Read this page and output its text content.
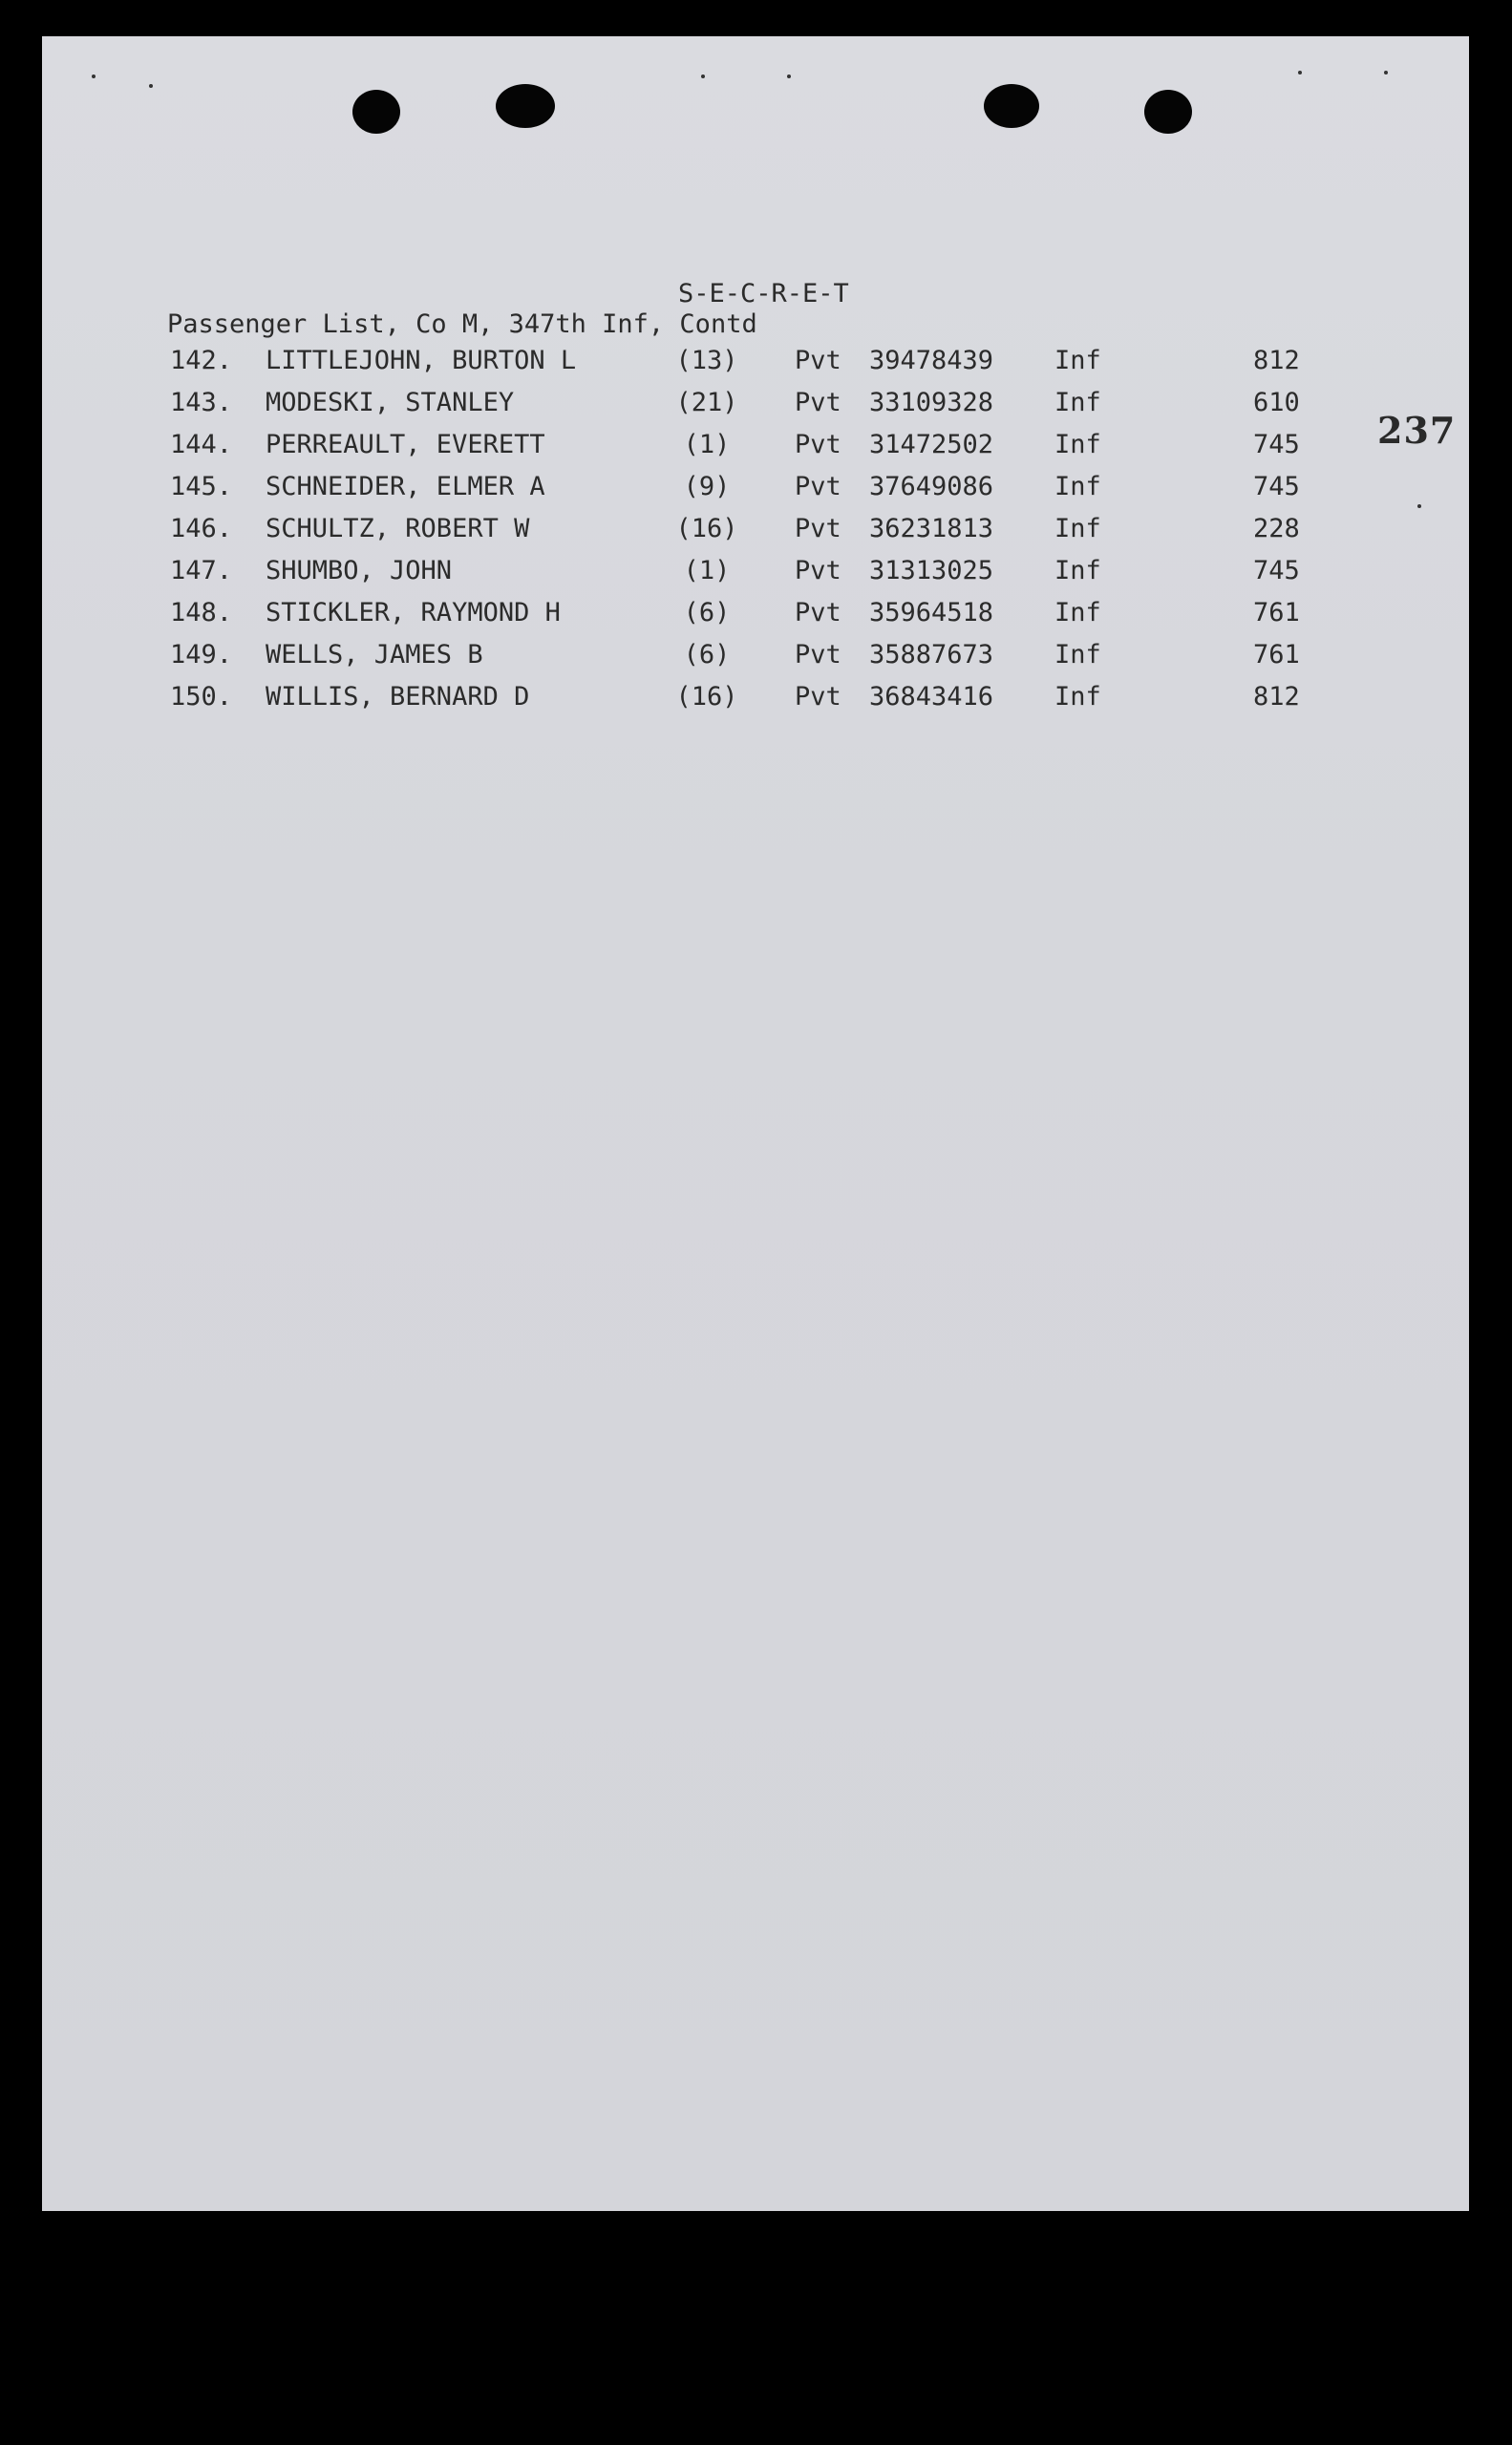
237
S-E-C-R-E-T
Passenger List, Co M, 347th Inf, Contd
142. LITTLEJOHN, BURTON L	(13) Pvt 39478439 Inf	812
143. MODESKI, STANLEY	(21) Pvt 33109328 Inf	610
144. PERREAULT, EVERETT	(1)	Pvt 31472502 Inf	745
145. SCHNEIDER, ELMER A	(9)	Pvt 37649086 Inf	745
146. SCHULTZ, ROBERT W	(16) Pvt 36231813 Inf	228
147. SHUMBO, JOHN	(1)	Pvt 31313025 Inf	745
148. STICKLER, RAYMOND H	(6)	Pvt 35964518 Inf	761
149. WELLS, JAMES B	(6)	Pvt 35887673 Inf	761
150. WILLIS, BERNARD D	(16) Pvt 36843416 Inf	812
